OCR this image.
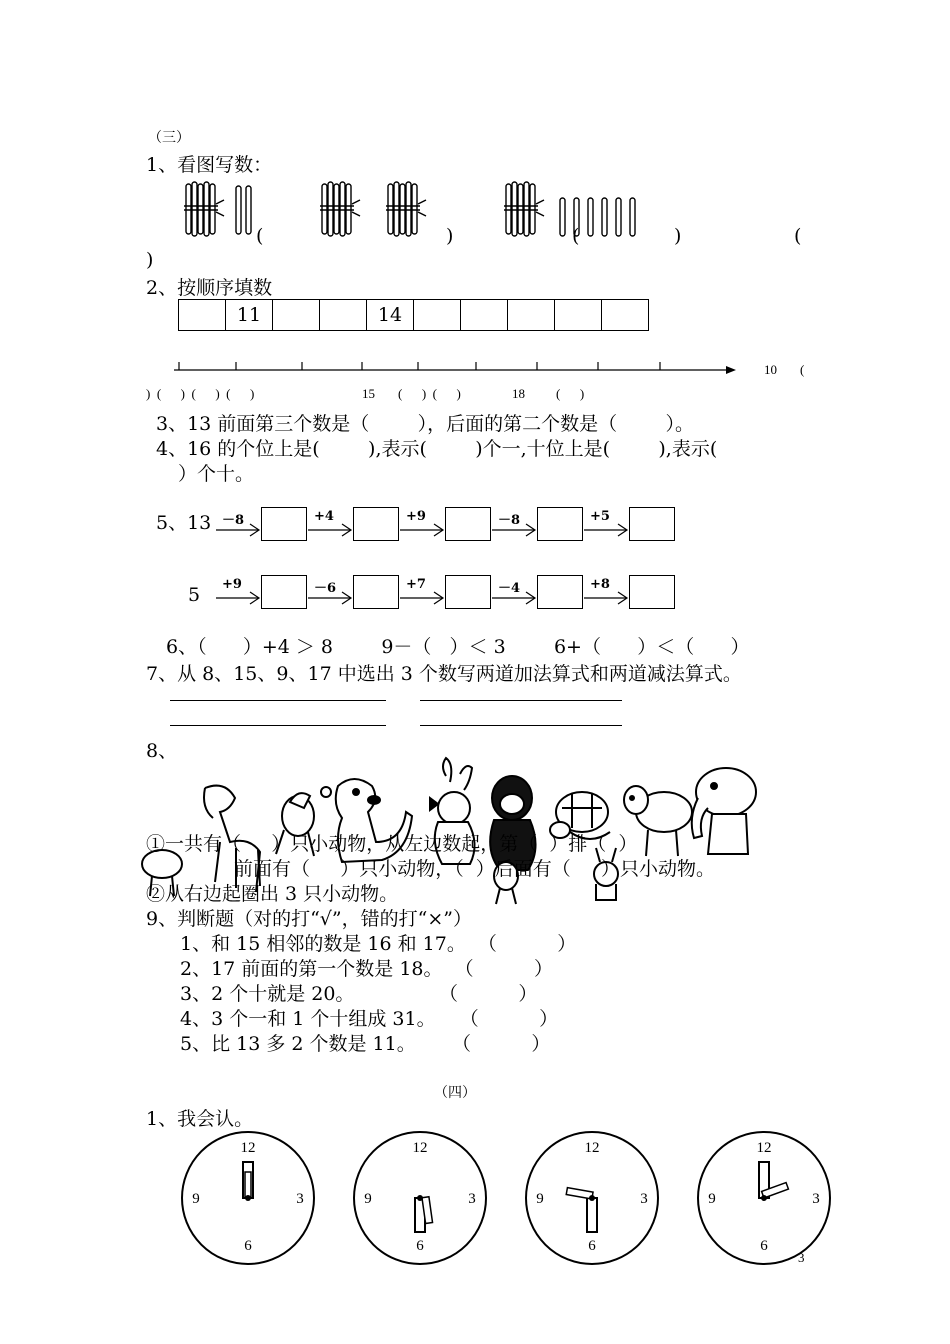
（三）
1、看图写数：
(	)	(	)	(
)
2、按顺序填数
	11			14					
10 (
)  (      )  (      )  (      )	15 (      )  (      )	18 (      )
3、13 前面第三个数是（        ），后面的第二个数是（        ）。
4、16 的个位上是(        ),表示(        )个一,十位上是(        ),表示(
）个十。
5、13 －8	+4	+9	－8	+5
5 +9	－6	+7	－4	+8
6、（      ）+4 ＞ 8        9－（   ）＜ 3        6+（      ）＜（      ）
7、从 8、15、9、17 中选出 3 个数写两道加法算式和两道减法算式。
8、
①一共有（     ）只小动物，从左边数起，第（  ）排（  ）
前面有（     ）只小动物，（  ）后面有（     ）只小动物。
②从右边起圈出 3 只小动物。
9、判断题（对的打“√”，错的打“×”）
1、和 15 相邻的数是 16 和 17。  （          ）
2、17 前面的第一个数是 18。  （          ）
3、2 个十就是 20。              （          ）
4、3 个一和 1 个十组成 31。    （          ）
5、比 13 多 2 个数是 11。      （          ）
（四）
1、我会认。
12
3
6
9
12
3
6
9
12
3
6
9
12
3
6
9
3
